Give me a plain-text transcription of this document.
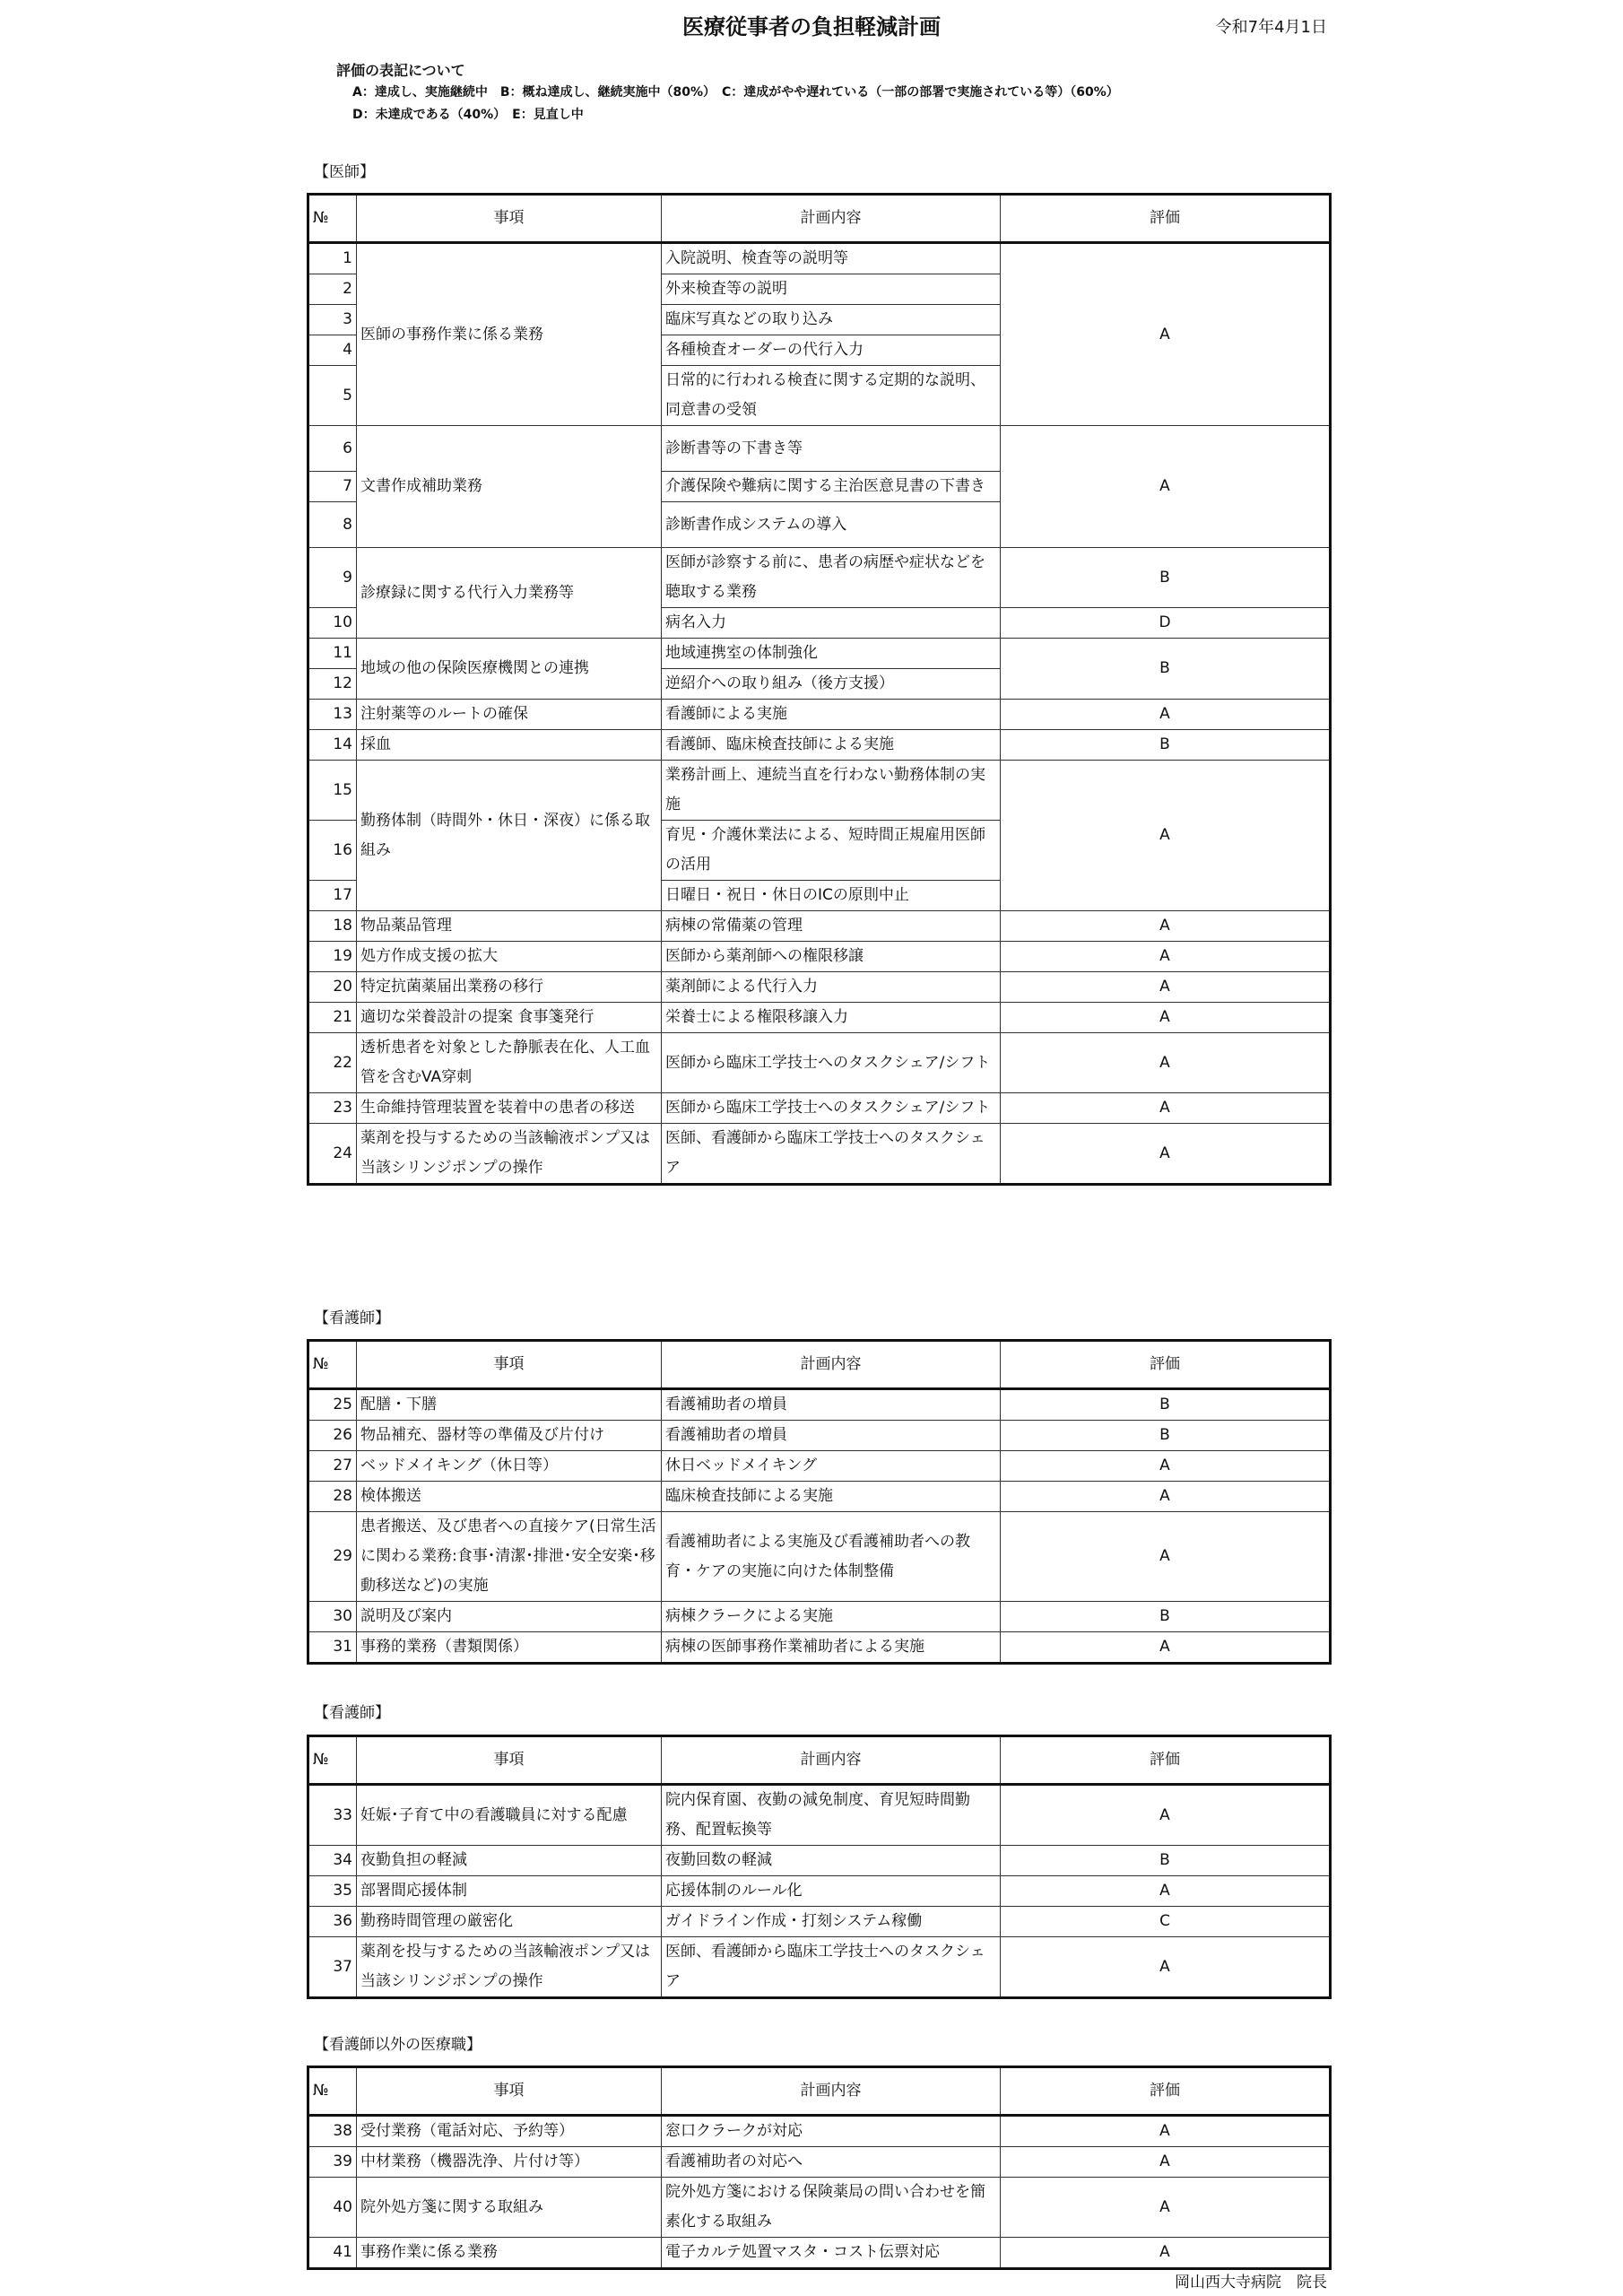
医療従事者の負担軽減計画	令和7年4月1日
評価の表記について
A：達成し、実施継続中　B：概ね達成し、継続実施中（80%）　C：達成がやや遅れている（一部の部署で実施されている等）（60%）
D：未達成である（40%）　E：見直し中
【医師】
№	事項	計画内容	評価
1	医師の事務作業に係る業務	入院説明、検査等の説明等	A
2		外来検査等の説明	
3		臨床写真などの取り込み	
4		各種検査オーダーの代行入力	
5		日常的に行われる検査に関する定期的な説明、同意書の受領	
6	文書作成補助業務	診断書等の下書き等	A
7		介護保険や難病に関する主治医意見書の下書き	
8		診断書作成システムの導入	
9	診療録に関する代行入力業務等	医師が診察する前に、患者の病歴や症状などを聴取する業務	B
10		病名入力	D
11	地域の他の保険医療機関との連携	地域連携室の体制強化	B
12		逆紹介への取り組み（後方支援）	
13	注射薬等のルートの確保	看護師による実施	A
14	採血	看護師、臨床検査技師による実施	B
15	勤務体制（時間外・休日・深夜）に係る取組み	業務計画上、連続当直を行わない勤務体制の実施	A
16		育児・介護休業法による、短時間正規雇用医師の活用	
17		日曜日・祝日・休日のICの原則中止	
18	物品薬品管理	病棟の常備薬の管理	A
19	処方作成支援の拡大	医師から薬剤師への権限移譲	A
20	特定抗菌薬届出業務の移行	薬剤師による代行入力	A
21	適切な栄養設計の提案 食事箋発行	栄養士による権限移譲入力	A
22	透析患者を対象とした静脈表在化、人工血管を含むVA穿刺	医師から臨床工学技士へのタスクシェア/シフト	A
23	生命維持管理装置を装着中の患者の移送	医師から臨床工学技士へのタスクシェア/シフト	A
24	薬剤を投与するための当該輸液ポンプ又は当該シリンジポンプの操作	医師、看護師から臨床工学技士へのタスクシェア	A
【看護師】
№	事項	計画内容	評価
25	配膳・下膳	看護補助者の増員	B
26	物品補充、器材等の準備及び片付け	看護補助者の増員	B
27	ベッドメイキング（休日等）	休日ベッドメイキング	A
28	検体搬送	臨床検査技師による実施	A
29	患者搬送、及び患者への直接ケア(日常生活に関わる業務:食事･清潔･排泄･安全安楽･移動移送など)の実施	看護補助者による実施及び看護補助者への教育・ケアの実施に向けた体制整備	A
30	説明及び案内	病棟クラークによる実施	B
31	事務的業務（書類関係）	病棟の医師事務作業補助者による実施	A
【看護師】
№	事項	計画内容	評価
33	妊娠･子育て中の看護職員に対する配慮	院内保育園、夜勤の減免制度、育児短時間勤務、配置転換等	A
34	夜勤負担の軽減	夜勤回数の軽減	B
35	部署間応援体制	応援体制のルール化	A
36	勤務時間管理の厳密化	ガイドライン作成・打刻システム稼働	C
37	薬剤を投与するための当該輸液ポンプ又は当該シリンジポンプの操作	医師、看護師から臨床工学技士へのタスクシェア	A
【看護師以外の医療職】
№	事項	計画内容	評価
38	受付業務（電話対応、予約等）	窓口クラークが対応	A
39	中材業務（機器洗浄、片付け等）	看護補助者の対応へ	A
40	院外処方箋に関する取組み	院外処方箋における保険薬局の問い合わせを簡素化する取組み	A
41	事務作業に係る業務	電子カルテ処置マスタ・コスト伝票対応	A
岡山西大寺病院　院長
